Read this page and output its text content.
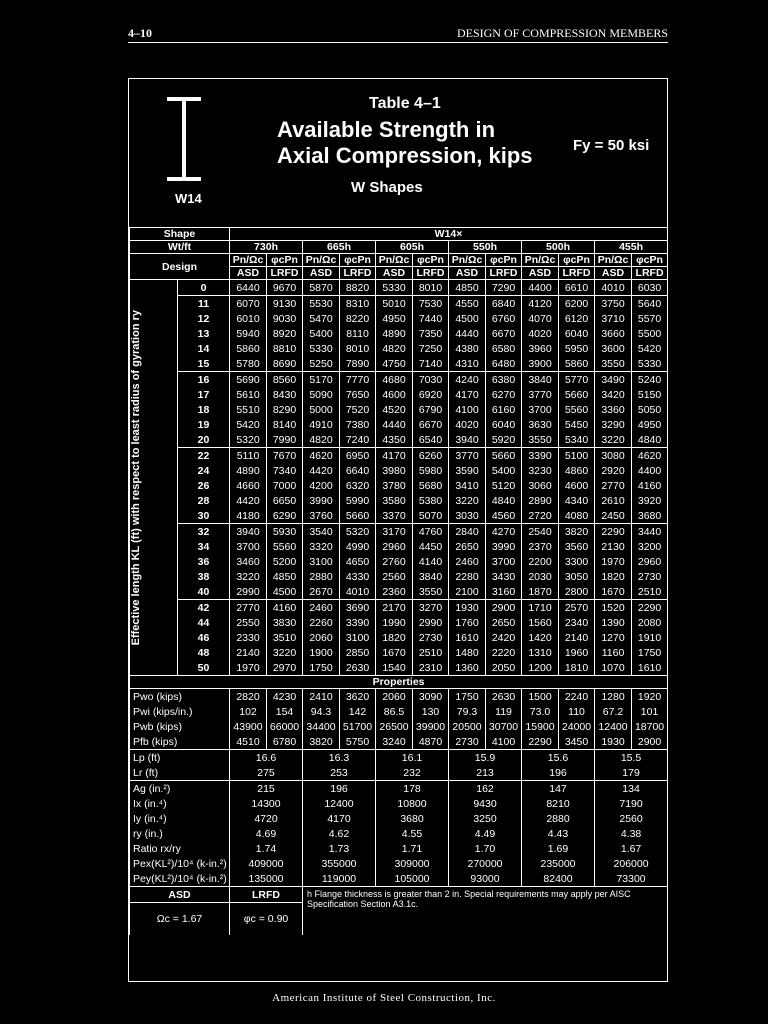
4–10	DESIGN OF COMPRESSION MEMBERS
W14
Table 4–1
Available Strength in
Axial Compression, kips
W Shapes
Fy = 50 ksi
Shape		W14×											
Wt/ft		730h		665h		605h		550h		500h		455h	
Design		Pn/Ωc	φcPn	Pn/Ωc	φcPn	Pn/Ωc	φcPn	Pn/Ωc	φcPn	Pn/Ωc	φcPn	Pn/Ωc	φcPn
		ASD	LRFD	ASD	LRFD	ASD	LRFD	ASD	LRFD	ASD	LRFD	ASD	LRFD

Effective length KL (ft) with respect to least radius of gyration ry	0	6440	9670	5870	8820	5330	8010	4850	7290	4400	6610	4010	6030
	11	6070	9130	5530	8310	5010	7530	4550	6840	4120	6200	3750	5640
	12	6010	9030	5470	8220	4950	7440	4500	6760	4070	6120	3710	5570
	13	5940	8920	5400	8110	4890	7350	4440	6670	4020	6040	3660	5500
	14	5860	8810	5330	8010	4820	7250	4380	6580	3960	5950	3600	5420
	15	5780	8690	5250	7890	4750	7140	4310	6480	3900	5860	3550	5330
	16	5690	8560	5170	7770	4680	7030	4240	6380	3840	5770	3490	5240
	17	5610	8430	5090	7650	4600	6920	4170	6270	3770	5660	3420	5150
	18	5510	8290	5000	7520	4520	6790	4100	6160	3700	5560	3360	5050
	19	5420	8140	4910	7380	4440	6670	4020	6040	3630	5450	3290	4950
	20	5320	7990	4820	7240	4350	6540	3940	5920	3550	5340	3220	4840
	22	5110	7670	4620	6950	4170	6260	3770	5660	3390	5100	3080	4620
	24	4890	7340	4420	6640	3980	5980	3590	5400	3230	4860	2920	4400
	26	4660	7000	4200	6320	3780	5680	3410	5120	3060	4600	2770	4160
	28	4420	6650	3990	5990	3580	5380	3220	4840	2890	4340	2610	3920
	30	4180	6290	3760	5660	3370	5070	3030	4560	2720	4080	2450	3680
	32	3940	5930	3540	5320	3170	4760	2840	4270	2540	3820	2290	3440
	34	3700	5560	3320	4990	2960	4450	2650	3990	2370	3560	2130	3200
	36	3460	5200	3100	4650	2760	4140	2460	3700	2200	3300	1970	2960
	38	3220	4850	2880	4330	2560	3840	2280	3430	2030	3050	1820	2730
	40	2990	4500	2670	4010	2360	3550	2100	3160	1870	2800	1670	2510
	42	2770	4160	2460	3690	2170	3270	1930	2900	1710	2570	1520	2290
	44	2550	3830	2260	3390	1990	2990	1760	2650	1560	2340	1390	2080
	46	2330	3510	2060	3100	1820	2730	1610	2420	1420	2140	1270	1910
	48	2140	3220	1900	2850	1670	2510	1480	2220	1310	1960	1160	1750
	50	1970	2970	1750	2630	1540	2310	1360	2050	1200	1810	1070	1610
Properties													
Pwo (kips)		2820	4230	2410	3620	2060	3090	1750	2630	1500	2240	1280	1920
Pwi (kips/in.)		102	154	94.3	142	86.5	130	79.3	119	73.0	110	67.2	101
Pwb (kips)		43900	66000	34400	51700	26500	39900	20500	30700	15900	24000	12400	18700
Pfb (kips)		4510	6780	3820	5750	3240	4870	2730	4100	2290	3450	1930	2900
Lp (ft)		16.6		16.3		16.1		15.9		15.6		15.5	
Lr (ft)		275		253		232		213		196		179	
Ag (in.²)		215		196		178		162		147		134	
Ix (in.⁴)		14300		12400		10800		9430		8210		7190	
Iy (in.⁴)		4720		4170		3680		3250		2880		2560	
ry (in.)		4.69		4.62		4.55		4.49		4.43		4.38	
Ratio rx/ry		1.74		1.73		1.71		1.70		1.69		1.67	
Pex(KL²)/10⁴ (k-in.²)		409000		355000		309000		270000		235000		206000	
Pey(KL²)/10⁴ (k-in.²)		135000		119000		105000		93000		82400		73300	
ASD		LRFD		h Flange thickness is greater than 2 in. Special requirements may apply per AISC Specification Section A3.1c.									
Ωc = 1.67		φc = 0.90											
American Institute of Steel Construction, Inc.
